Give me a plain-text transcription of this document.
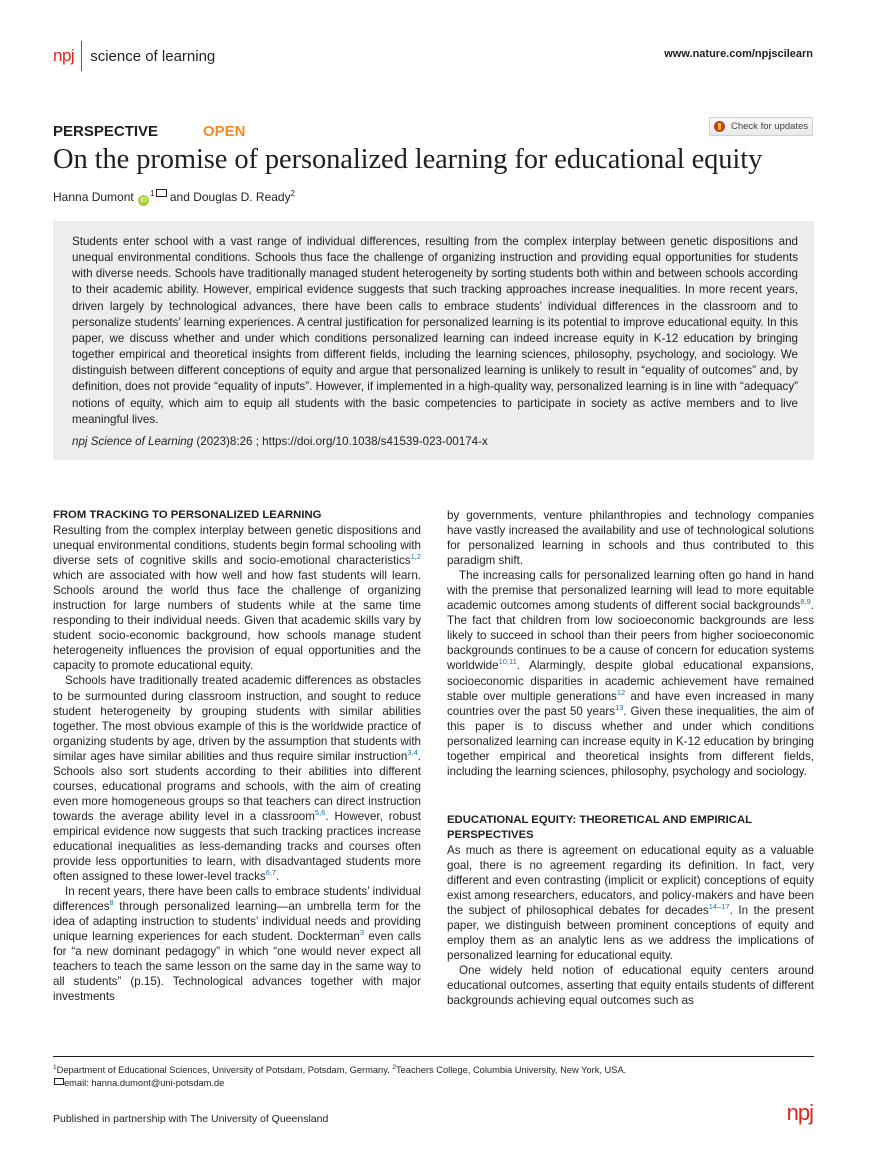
npj science of learning	www.nature.com/npjscilearn
PERSPECTIVE	OPEN	Check for updates
On the promise of personalized learning for educational equity
Hanna Dumont $iD^1$ and Douglas D. Ready$^2$
Students enter school with a vast range of individual differences, resulting from the complex interplay between genetic dispositions and unequal environmental conditions. Schools thus face the challenge of organizing instruction and providing equal opportunities for students with diverse needs. Schools have traditionally managed student heterogeneity by sorting students both within and between schools according to their academic ability. However, empirical evidence suggests that such tracking approaches increase inequalities. In more recent years, driven largely by technological advances, there have been calls to embrace students’ individual differences in the classroom and to personalize students’ learning experiences. A central justification for personalized learning is its potential to improve educational equity. In this paper, we discuss whether and under which conditions personalized learning can indeed increase equity in K-12 education by bringing together empirical and theoretical insights from different fields, including the learning sciences, philosophy, psychology, and sociology. We distinguish between different conceptions of equity and argue that personalized learning is unlikely to result in “equality of outcomes” and, by definition, does not provide “equality of inputs”. However, if implemented in a high-quality way, personalized learning is in line with “adequacy” notions of equity, which aim to equip all students with the basic competencies to participate in society as active members and to live meaningful lives.
npj Science of Learning (2023)8:26 ; https://doi.org/10.1038/s41539-023-00174-x
FROM TRACKING TO PERSONALIZED LEARNING

Resulting from the complex interplay between genetic dispositions and unequal environmental conditions, students begin formal schooling with diverse sets of cognitive skills and socio-emotional characteristics$^{1,2}$ which are associated with how well and how fast students will learn. Schools around the world thus face the challenge of organizing instruction for large numbers of students while at the same time responding to their individual needs. Given that academic skills vary by student socio-economic background, how schools manage student heterogeneity influences the provision of equal opportunities and the capacity to promote educational equity.

Schools have traditionally treated academic differences as obstacles to be surmounted during classroom instruction, and sought to reduce student heterogeneity by grouping students with similar abilities together. The most obvious example of this is the worldwide practice of organizing students by age, driven by the assumption that students with similar ages have similar abilities and thus require similar instruction$^{3,4}$. Schools also sort students according to their abilities into different courses, educational programs and schools, with the aim of creating even more homogeneous groups so that teachers can direct instruction towards the average ability level in a classroom$^{5,6}$. However, robust empirical evidence now suggests that such tracking practices increase educational inequalities as less-demanding tracks and courses often provide less opportunities to learn, with disadvantaged students more often assigned to these lower-level tracks$^{6,7}$.

In recent years, there have been calls to embrace students’ individual differences$^8$ through personalized learning—an umbrella term for the idea of adapting instruction to students’ individual needs and providing unique learning experiences for each student. Dockterman$^3$ even calls for “a new dominant pedagogy” in which “one would never expect all teachers to teach the same lesson on the same day in the same way to all students” (p.15). Technological advances together with major investments

by governments, venture philanthropies and technology companies have vastly increased the availability and use of technological solutions for personalized learning in schools and thus contributed to this paradigm shift.

The increasing calls for personalized learning often go hand in hand with the premise that personalized learning will lead to more equitable academic outcomes among students of different social backgrounds$^{8,9}$. The fact that children from low socioeconomic backgrounds are less likely to succeed in school than their peers from higher socioeconomic backgrounds continues to be a cause of concern for education systems worldwide$^{10,11}$. Alarmingly, despite global educational expansions, socioeconomic disparities in academic achievement have remained stable over multiple generations$^{12}$ and have even increased in many countries over the past 50 years$^{13}$. Given these inequalities, the aim of this paper is to discuss whether and under which conditions personalized learning can increase equity in K-12 education by bringing together empirical and theoretical insights from different fields, including the learning sciences, philosophy, psychology and sociology.

EDUCATIONAL EQUITY: THEORETICAL AND EMPIRICAL PERSPECTIVES

As much as there is agreement on educational equity as a valuable goal, there is no agreement regarding its definition. In fact, very different and even contrasting (implicit or explicit) conceptions of equity exist among researchers, educators, and policy-makers and have been the subject of philosophical debates for decades$^{14-17}$. In the present paper, we distinguish between prominent conceptions of equity and employ them as an analytic lens as we address the implications of personalized learning for educational equity.

One widely held notion of educational equity centers around educational outcomes, asserting that equity entails students of different backgrounds achieving equal outcomes such as

$^1$Department of Educational Sciences, University of Potsdam, Potsdam, Germany. $^2$Teachers College, Columbia University, New York, USA.
email: hanna.dumont@uni-potsdam.de
Published in partnership with The University of Queensland	npj
